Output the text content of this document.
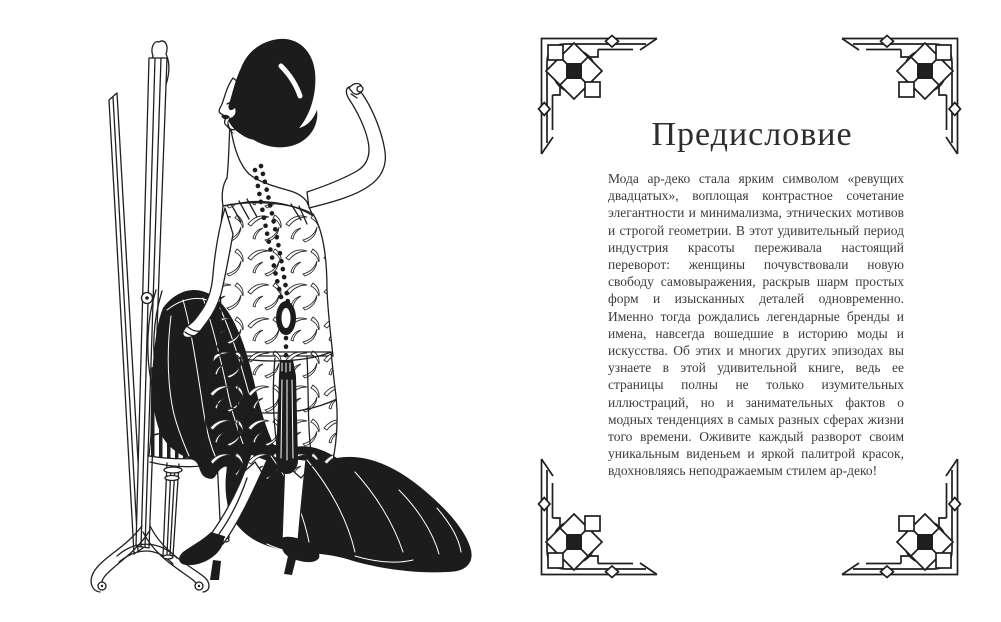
Предисловие

Мода ар-деко стала ярким символом «ревущих двадцатых», воплощая контрастное сочетание элегантности и минимализма, этнических мотивов и строгой геометрии. В этот удивительный период индустрия красоты переживала настоящий переворот: женщины почувствовали новую свободу самовыражения, раскрыв шарм простых форм и изысканных деталей одновременно. Именно тогда рождались легендарные бренды и имена, навсегда вошедшие в историю моды и искусства. Об этих и многих других эпизодах вы узнаете в этой удивительной книге, ведь ее страницы полны не только изумительных иллюстраций, но и занимательных фактов о модных тенденциях в самых разных сферах жизни того времени. Оживите каждый разворот своим уникальным виденьем и яркой палитрой красок, вдохновляясь неподражаемым стилем ар-деко!
